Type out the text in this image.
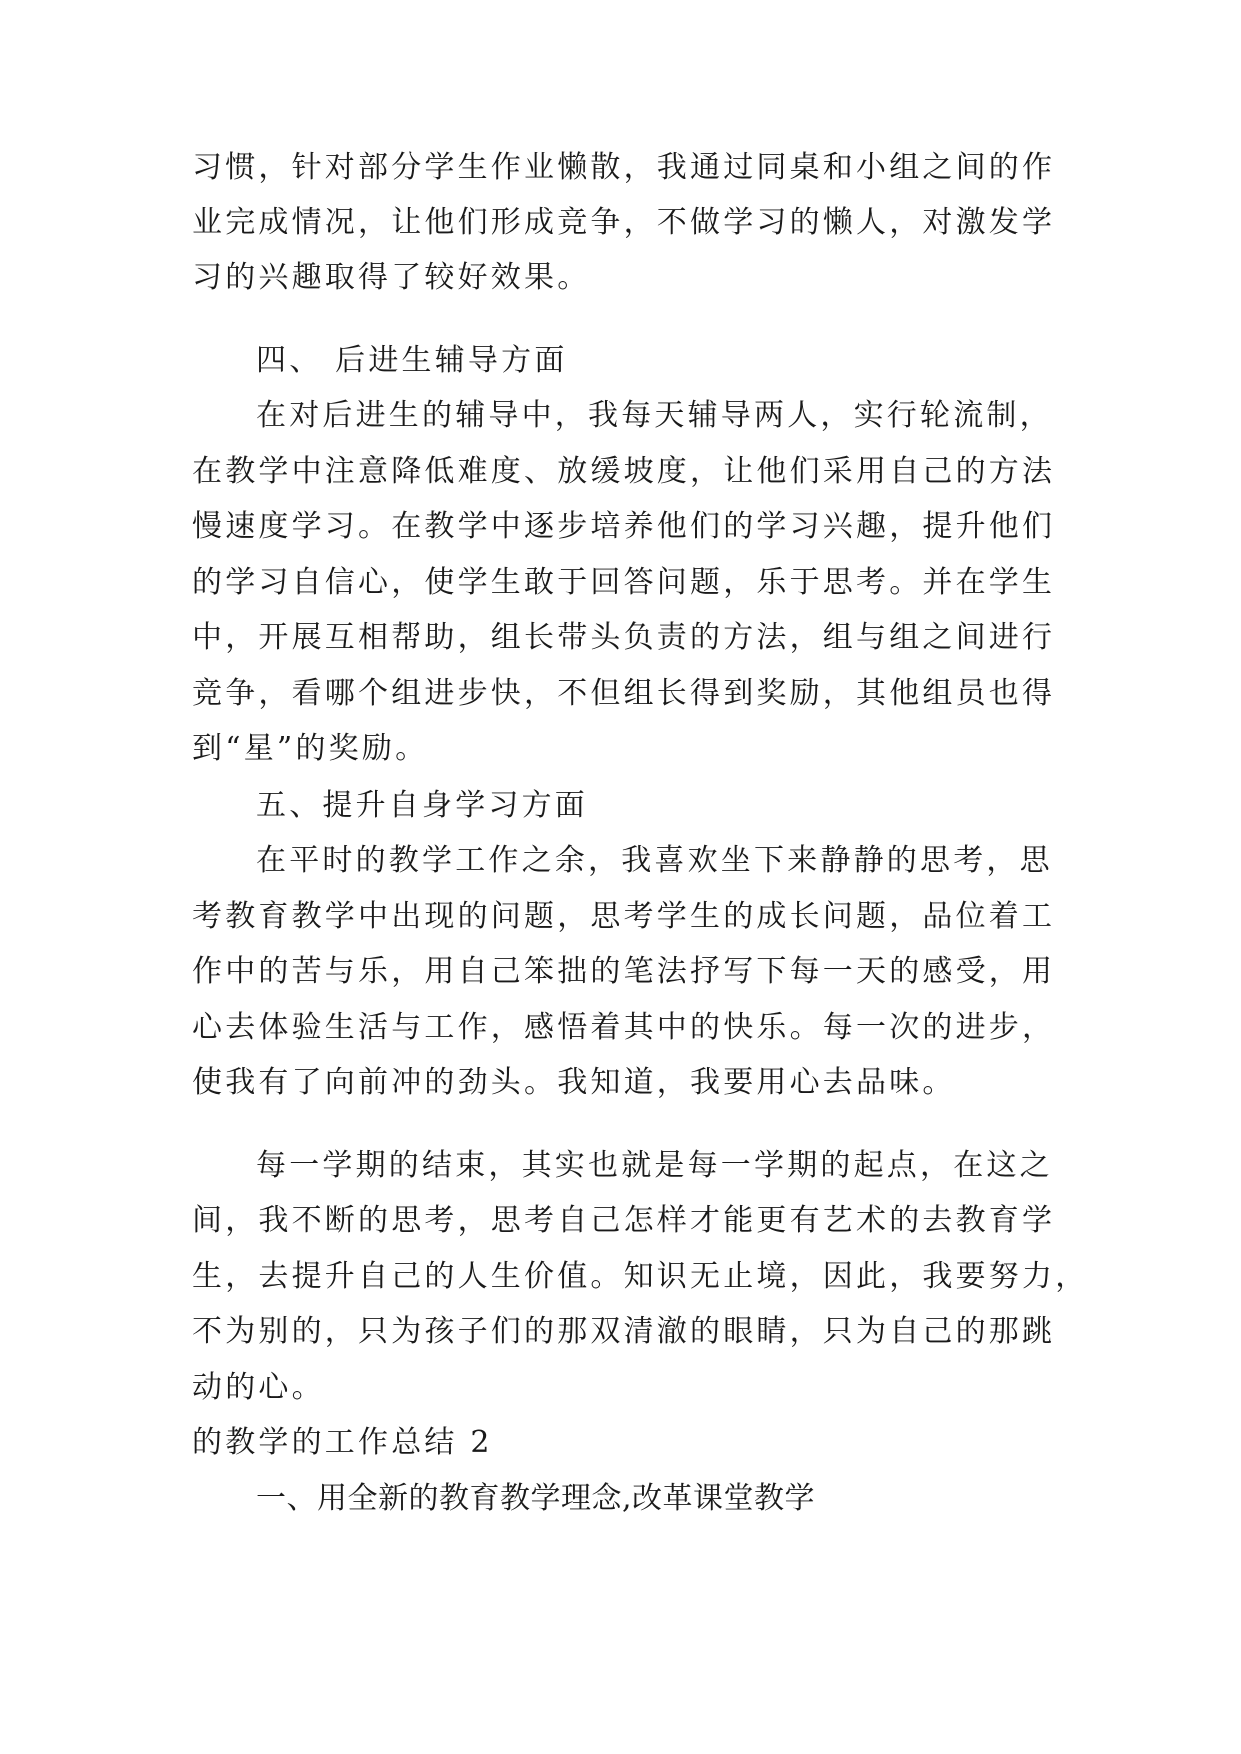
习惯，针对部分学生作业懒散，我通过同桌和小组之间的作
业完成情况，让他们形成竞争，不做学习的懒人，对激发学
习的兴趣取得了较好效果。
四、 后进生辅导方面
在对后进生的辅导中，我每天辅导两人，实行轮流制，
在教学中注意降低难度、放缓坡度，让他们采用自己的方法
慢速度学习。在教学中逐步培养他们的学习兴趣，提升他们
的学习自信心，使学生敢于回答问题，乐于思考。并在学生
中，开展互相帮助，组长带头负责的方法，组与组之间进行
竞争，看哪个组进步快，不但组长得到奖励，其他组员也得
到“星”的奖励。
五、提升自身学习方面
在平时的教学工作之余，我喜欢坐下来静静的思考，思
考教育教学中出现的问题，思考学生的成长问题，品位着工
作中的苦与乐，用自己笨拙的笔法抒写下每一天的感受，用
心去体验生活与工作，感悟着其中的快乐。每一次的进步，
使我有了向前冲的劲头。我知道，我要用心去品味。
每一学期的结束，其实也就是每一学期的起点，在这之
间，我不断的思考，思考自己怎样才能更有艺术的去教育学
生，去提升自己的人生价值。知识无止境，因此，我要努力，
不为别的，只为孩子们的那双清澈的眼睛，只为自己的那跳
动的心。
的教学的工作总结 2
一、用全新的教育教学理念,改革课堂教学
